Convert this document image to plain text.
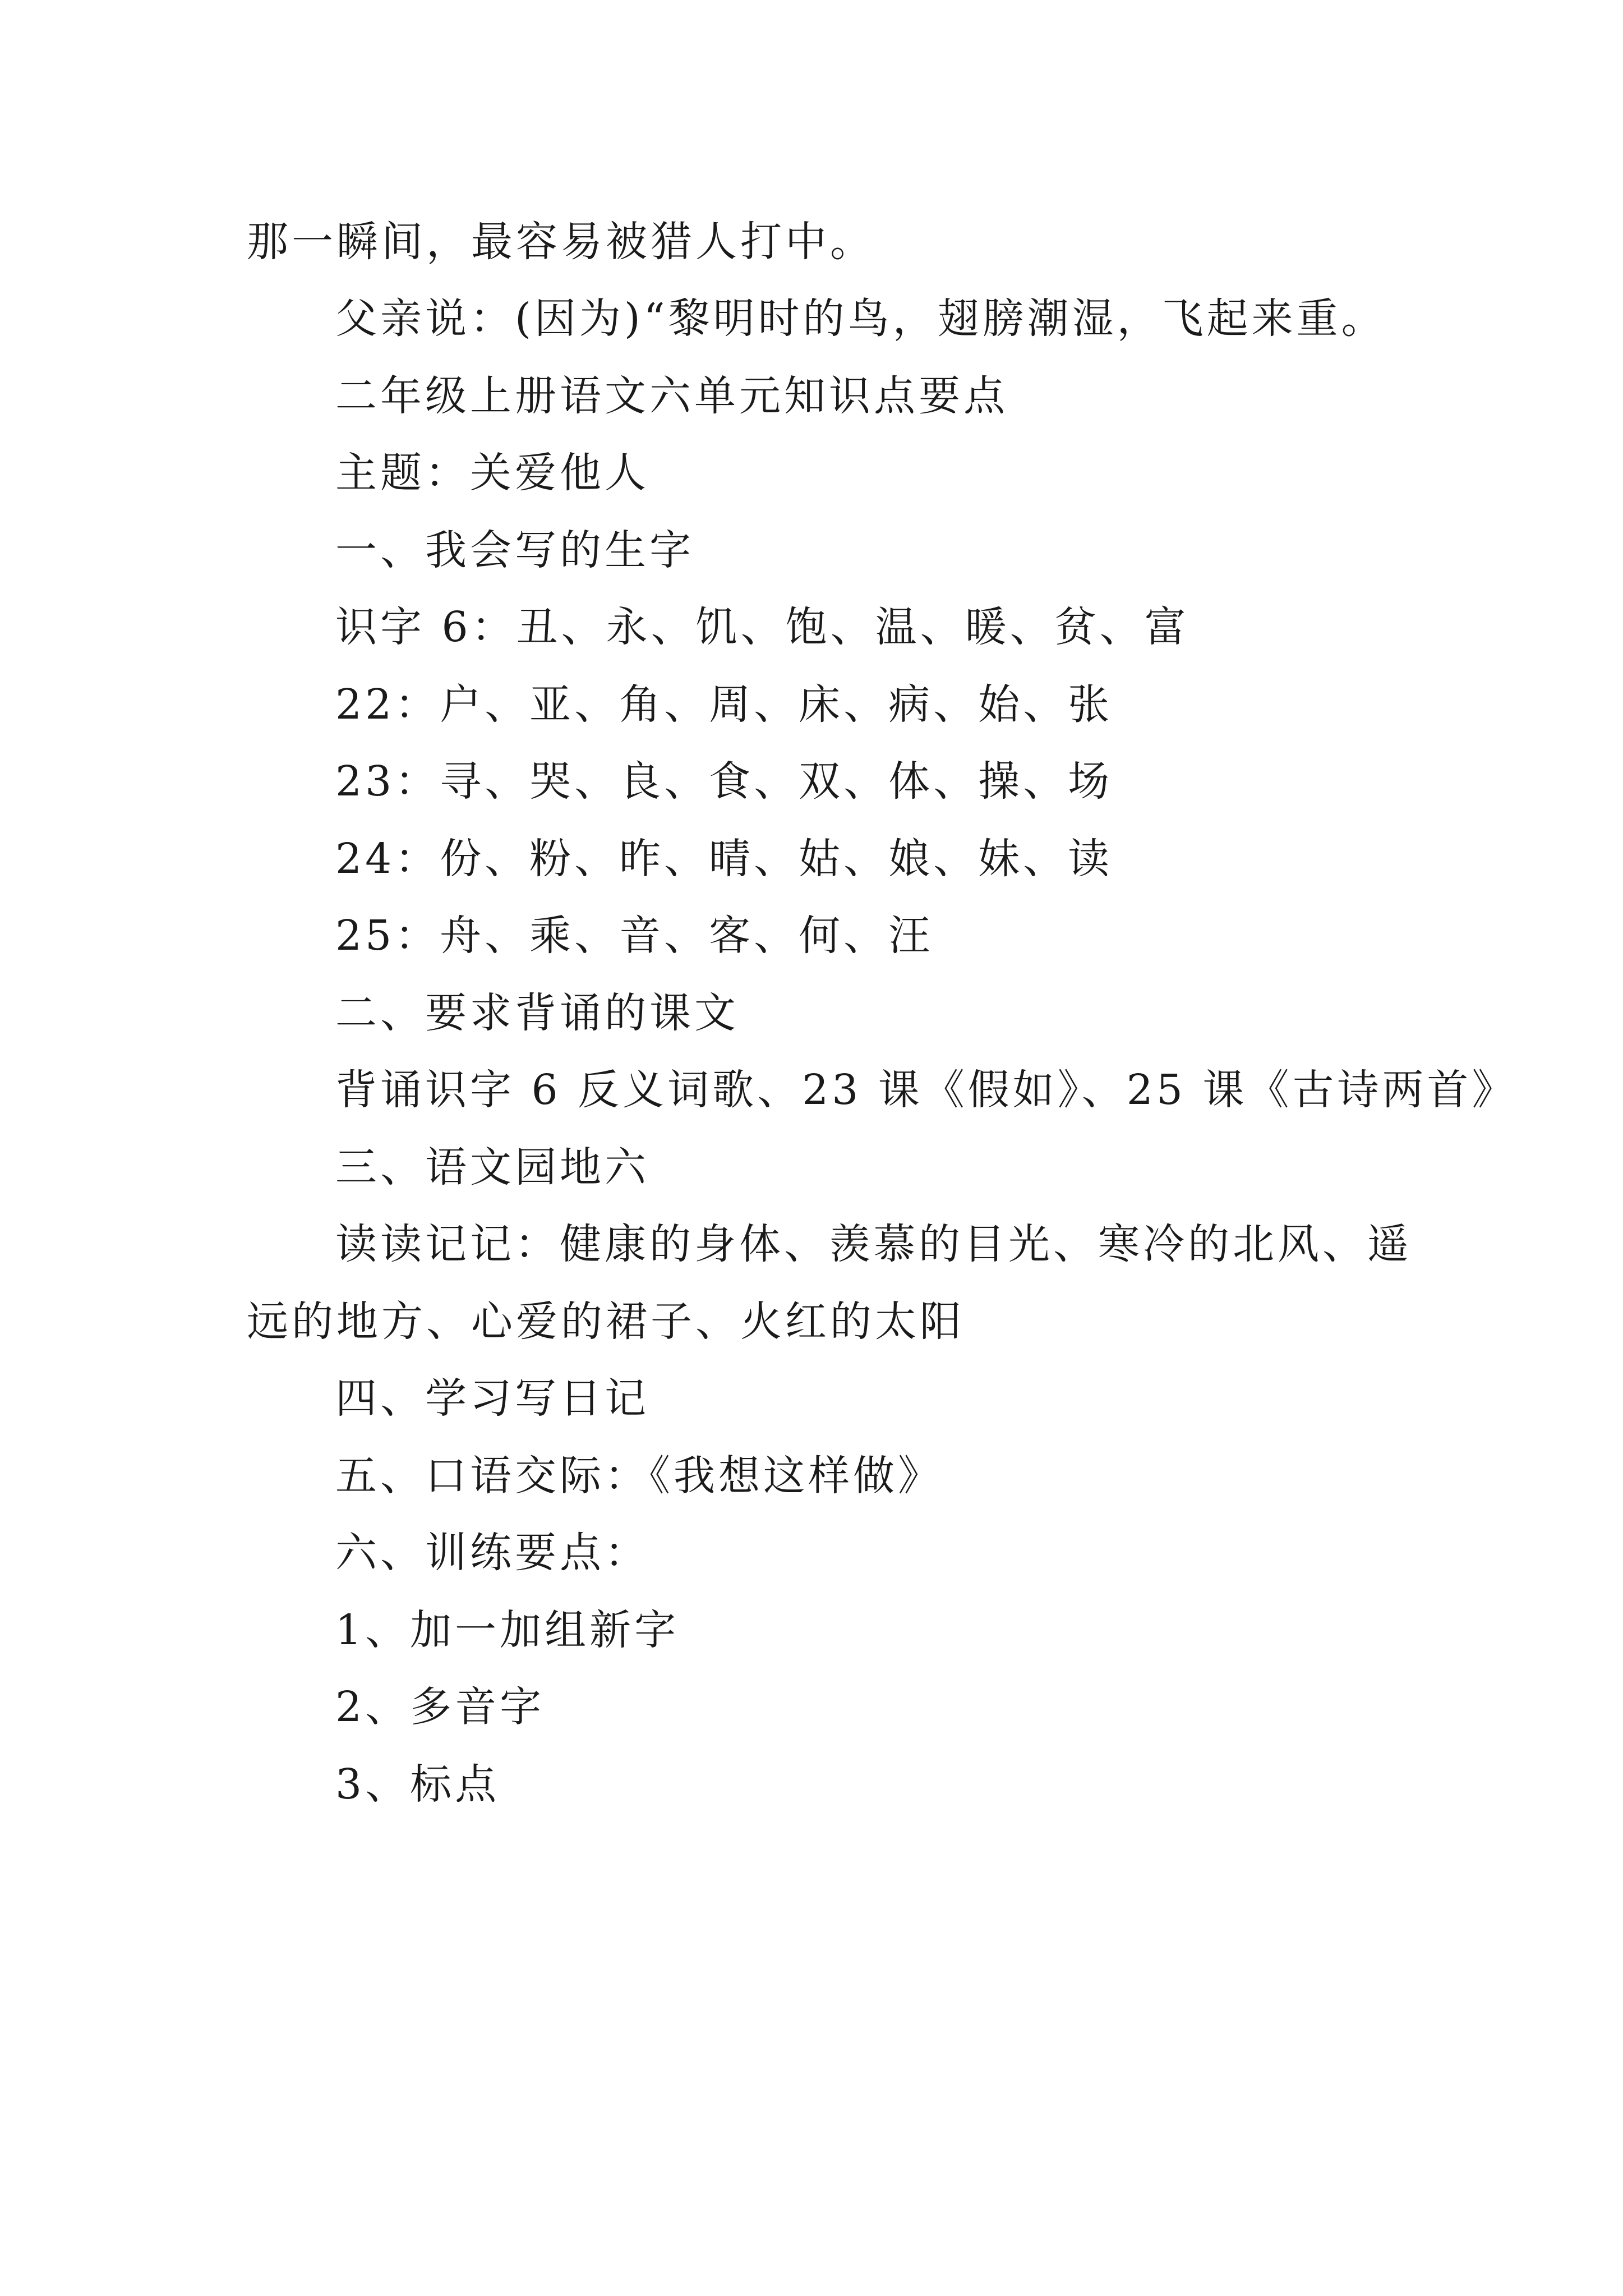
那一瞬间，最容易被猎人打中。

父亲说：(因为)“黎明时的鸟，翅膀潮湿，飞起来重。

二年级上册语文六单元知识点要点

主题：关爱他人

一、我会写的生字

识字 6：丑、永、饥、饱、温、暖、贫、富

22：户、亚、角、周、床、病、始、张

23：寻、哭、良、食、双、体、操、场

24：份、粉、昨、晴、姑、娘、妹、读

25：舟、乘、音、客、何、汪

二、要求背诵的课文

背诵识字 6 反义词歌、23 课《假如》、25 课《古诗两首》

三、语文园地六

读读记记：健康的身体、羡慕的目光、寒冷的北风、遥

远的地方、心爱的裙子、火红的太阳

四、学习写日记

五、口语交际：《我想这样做》

六、训练要点：

1、加一加组新字

2、多音字

3、标点
